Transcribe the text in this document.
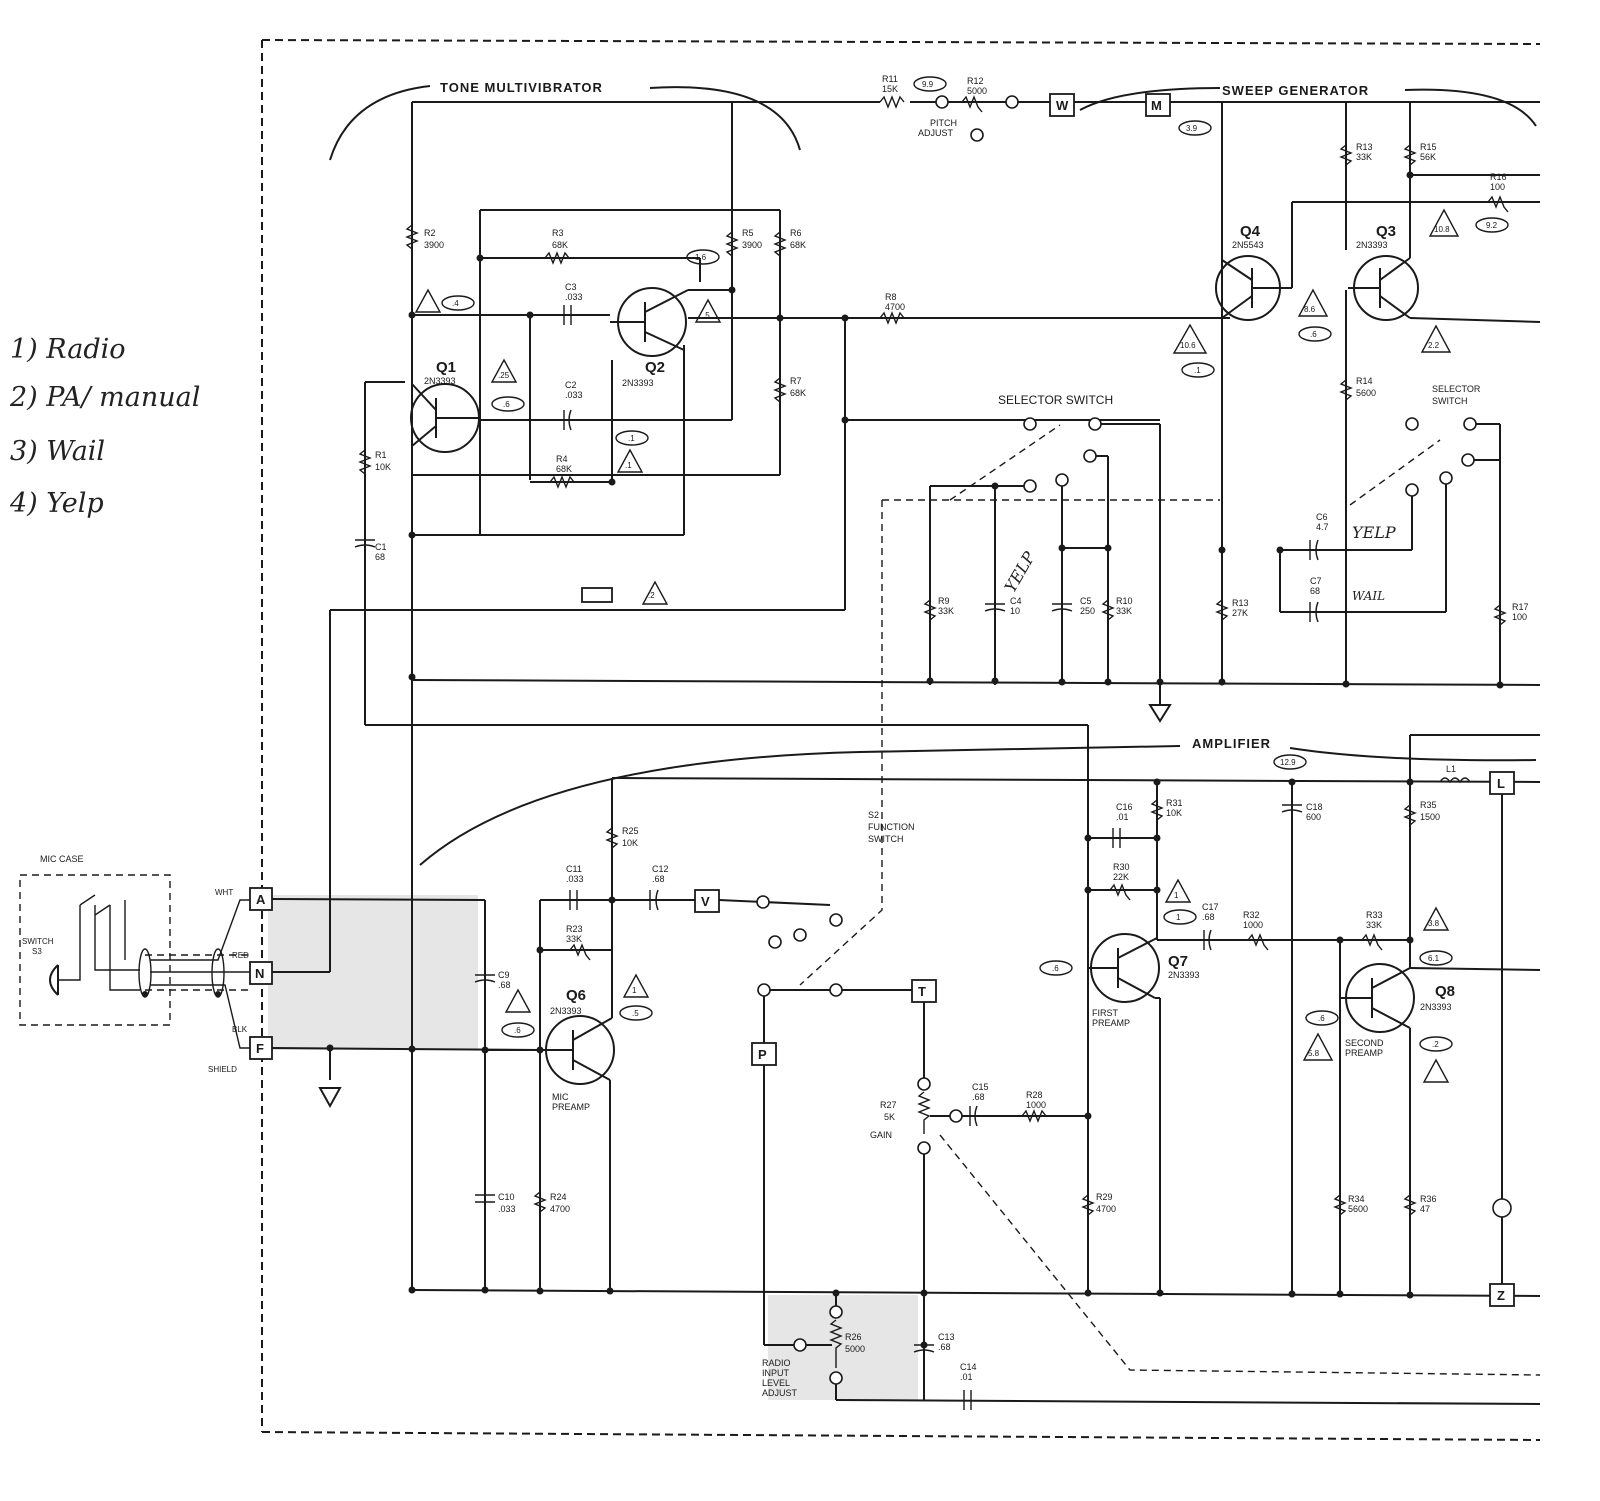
1) Radio
2) PA/ manual
3) Wail
4) Yelp
TONE MULTIVIBRATOR	SWEEP GENERATOR
AMPLIFIER
R2
3900
R3
68K
R5
3900
R6
68K
C3
.033	R8
4700
R7
68K
C2
.033
R4
68K
R1
10K
C1
68
Q1
2N3393
Q2
2N3393
Q4
2N5543
Q3
2N3393
Q6
2N3393
MIC
PREAMP
Q7
2N3393
FIRST
PREAMP
Q8
2N3393
SECOND
PREAMP
R11
15K
R12
5000
PITCH
ADJUST
W	M
R13
33K
R15
56K
R16
100
R14
5600	SELECTOR
SWITCH
C6
4.7
C7
68
R13
27K
R17
100
YELP
WAIL
SELECTOR SWITCH
R9
33K
C4
10
C5
250
R10
33K
YELP
R25
10K
S2
FUNCTION
SWITCH
C11
.033
C12
.68
V
R23
33K
C9
.68
C10
.033
R24
4700
T
P
R27
5K
GAIN
C15
.68	R28
1000
R26
5000
RADIO
INPUT
LEVEL
ADJUST
C13
.68
C14
.01
C16
.01
R31
10K
R30
22K
R29
4700
C17
.68	R32
1000
R33
33K
C18
600
R35
1500
L1
L
R34
5600
R36
47
Z
MIC CASE
SWITCH
S3
WHT
RED
BLK
SHIELD
A
N
F
.4
1.6
.5
.25
.6
.1
.1
.2
9.9
3.9
10.6
.1
8.6
.6
10.8	9.2
2.2
12.9
1
1
.6
1
.5
.6
3.8
6.1
.6
5.8
.2
